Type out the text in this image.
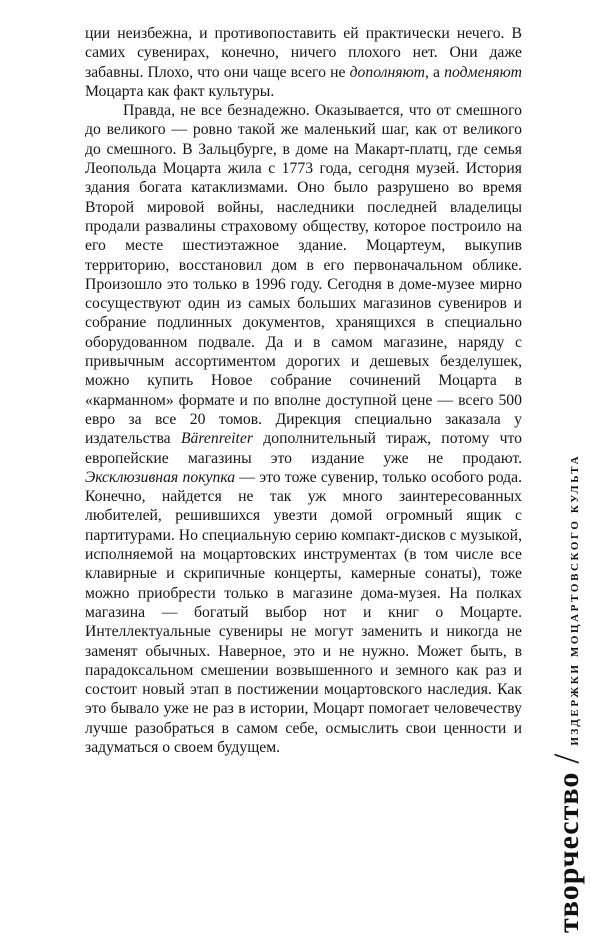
ции неизбежна, и противопоставить ей практически нечего. В самих сувенирах, конечно, ничего плохого нет. Они даже забавны. Плохо, что они чаще всего не дополняют, а подменяют Моцарта как факт культуры.

Правда, не все безнадежно. Оказывается, что от смешного до великого — ровно такой же маленький шаг, как от великого до смешного. В Зальцбурге, в доме на Макарт-платц, где семья Леопольда Моцарта жила с 1773 года, сегодня музей. История здания богата катаклизмами. Оно было разрушено во время Второй мировой войны, наследники последней владелицы продали развалины страховому обществу, которое построило на его месте шестиэтажное здание. Моцартеум, выкупив территорию, восстановил дом в его первоначальном облике. Произошло это только в 1996 году. Сегодня в доме-музее мирно сосуществуют один из самых больших магазинов сувениров и собрание подлинных документов, хранящихся в специально оборудованном подвале. Да и в самом магазине, наряду с привычным ассортиментом дорогих и дешевых безделушек, можно купить Новое собрание сочинений Моцарта в «карманном» формате и по вполне доступной цене — всего 500 евро за все 20 томов. Дирекция специально заказала у издательства Bärenreiter дополнительный тираж, потому что европейские магазины это издание уже не продают. Эксклюзивная покупка — это тоже сувенир, только особого рода. Конечно, найдется не так уж много заинтересованных любителей, решившихся увезти домой огромный ящик с партитурами. Но специальную серию компакт-дисков с музыкой, исполняемой на моцартовских инструментах (в том числе все клавирные и скрипичные концерты, камерные сонаты), тоже можно приобрести только в магазине дома-музея. На полках магазина — богатый выбор нот и книг о Моцарте. Интеллектуальные сувениры не могут заменить и никогда не заменят обычных. Наверное, это и не нужно. Может быть, в парадоксальном смешении возвышенного и земного как раз и состоит новый этап в постижении моцартовского наследия. Как это бывало уже не раз в истории, Моцарт помогает человечеству лучше разобраться в самом себе, осмыслить свои ценности и задуматься о своем будущем.

творчество
/
ИЗДЕРЖКИ МОЦАРТОВСКОГО КУЛЬТА
